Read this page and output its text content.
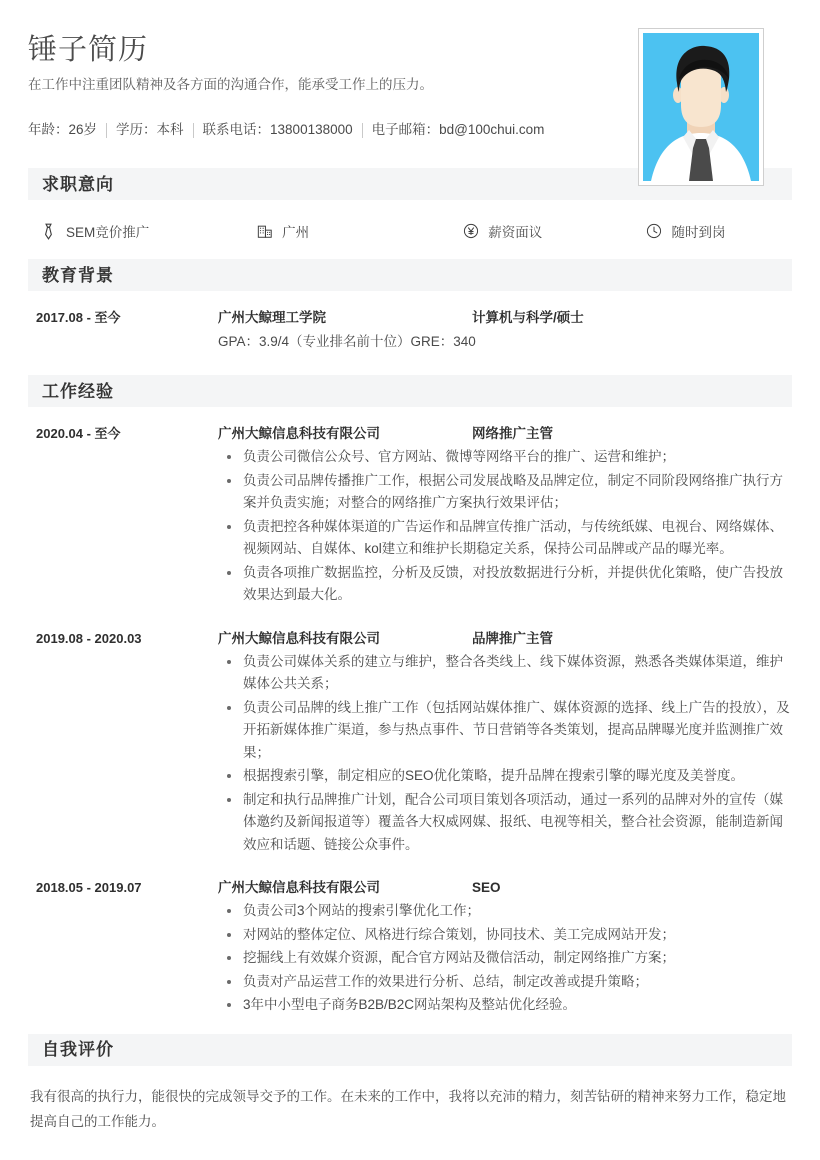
锤子简历

在工作中注重团队精神及各方面的沟通合作，能承受工作上的压力。

年龄：26岁 学历：本科 联系电话：13800138000 电子邮箱：bd@100chui.com
求职意向
SEM竞价推广	广州	薪资面议	随时到岗
教育背景
2017.08 - 至今	广州大鲸理工学院	计算机与科学/硕士
GPA：3.9/4（专业排名前十位）GRE：340
工作经验
2020.04 - 至今	广州大鲸信息科技有限公司	网络推广主管
负责公司微信公众号、官方网站、微博等网络平台的推广、运营和维护；
负责公司品牌传播推广工作，根据公司发展战略及品牌定位，制定不同阶段网络推广执行方案并负责实施；对整合的网络推广方案执行效果评估；
负责把控各种媒体渠道的广告运作和品牌宣传推广活动，与传统纸媒、电视台、网络媒体、视频网站、自媒体、kol建立和维护长期稳定关系，保持公司品牌或产品的曝光率。
负责各项推广数据监控，分析及反馈，对投放数据进行分析，并提供优化策略，使广告投放效果达到最大化。
2019.08 - 2020.03	广州大鲸信息科技有限公司	品牌推广主管
负责公司媒体关系的建立与维护，整合各类线上、线下媒体资源，熟悉各类媒体渠道，维护媒体公共关系；
负责公司品牌的线上推广工作（包括网站媒体推广、媒体资源的选择、线上广告的投放），及开拓新媒体推广渠道，参与热点事件、节日营销等各类策划，提高品牌曝光度并监测推广效果；
根据搜索引擎，制定相应的SEO优化策略，提升品牌在搜索引擎的曝光度及美誉度。
制定和执行品牌推广计划，配合公司项目策划各项活动，通过一系列的品牌对外的宣传（媒体邀约及新闻报道等）覆盖各大权威网媒、报纸、电视等相关，整合社会资源，能制造新闻效应和话题、链接公众事件。
2018.05 - 2019.07	广州大鲸信息科技有限公司	SEO
负责公司3个网站的搜索引擎优化工作；
对网站的整体定位、风格进行综合策划，协同技术、美工完成网站开发；
挖掘线上有效媒介资源，配合官方网站及微信活动，制定网络推广方案；
负责对产品运营工作的效果进行分析、总结，制定改善或提升策略；
3年中小型电子商务B2B/B2C网站架构及整站优化经验。
自我评价

我有很高的执行力，能很快的完成领导交予的工作。在未来的工作中，我将以充沛的精力，刻苦钻研的精神来努力工作，稳定地提高自己的工作能力。
